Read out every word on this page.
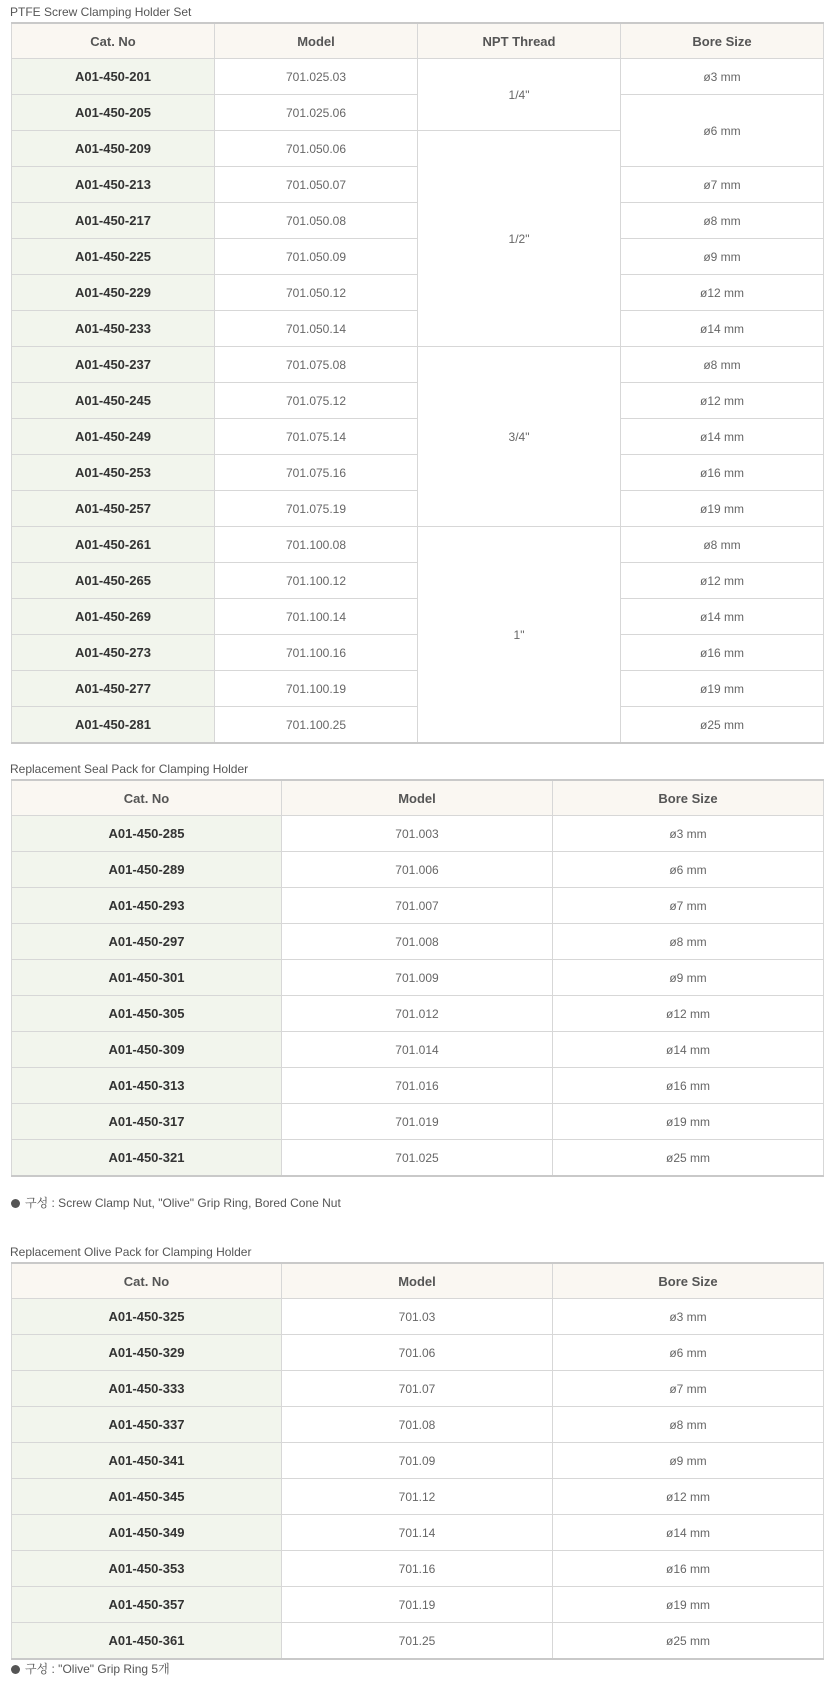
PTFE Screw Clamping Holder Set
Cat. No	Model	NPT Thread	Bore Size
A01-450-201	701.025.03	1/4"	ø3 mm
A01-450-205	701.025.06		ø6 mm
A01-450-209	701.050.06	1/2"	
A01-450-213	701.050.07		ø7 mm
A01-450-217	701.050.08		ø8 mm
A01-450-225	701.050.09		ø9 mm
A01-450-229	701.050.12		ø12 mm
A01-450-233	701.050.14		ø14 mm
A01-450-237	701.075.08	3/4"	ø8 mm
A01-450-245	701.075.12		ø12 mm
A01-450-249	701.075.14		ø14 mm
A01-450-253	701.075.16		ø16 mm
A01-450-257	701.075.19		ø19 mm
A01-450-261	701.100.08	1"	ø8 mm
A01-450-265	701.100.12		ø12 mm
A01-450-269	701.100.14		ø14 mm
A01-450-273	701.100.16		ø16 mm
A01-450-277	701.100.19		ø19 mm
A01-450-281	701.100.25		ø25 mm
Replacement Seal Pack for Clamping Holder
Cat. No	Model	Bore Size
A01-450-285	701.003	ø3 mm
A01-450-289	701.006	ø6 mm
A01-450-293	701.007	ø7 mm
A01-450-297	701.008	ø8 mm
A01-450-301	701.009	ø9 mm
A01-450-305	701.012	ø12 mm
A01-450-309	701.014	ø14 mm
A01-450-313	701.016	ø16 mm
A01-450-317	701.019	ø19 mm
A01-450-321	701.025	ø25 mm
구성 : Screw Clamp Nut, "Olive" Grip Ring, Bored Cone Nut
Replacement Olive Pack for Clamping Holder
Cat. No	Model	Bore Size
A01-450-325	701.03	ø3 mm
A01-450-329	701.06	ø6 mm
A01-450-333	701.07	ø7 mm
A01-450-337	701.08	ø8 mm
A01-450-341	701.09	ø9 mm
A01-450-345	701.12	ø12 mm
A01-450-349	701.14	ø14 mm
A01-450-353	701.16	ø16 mm
A01-450-357	701.19	ø19 mm
A01-450-361	701.25	ø25 mm
구성 : "Olive" Grip Ring 5개
